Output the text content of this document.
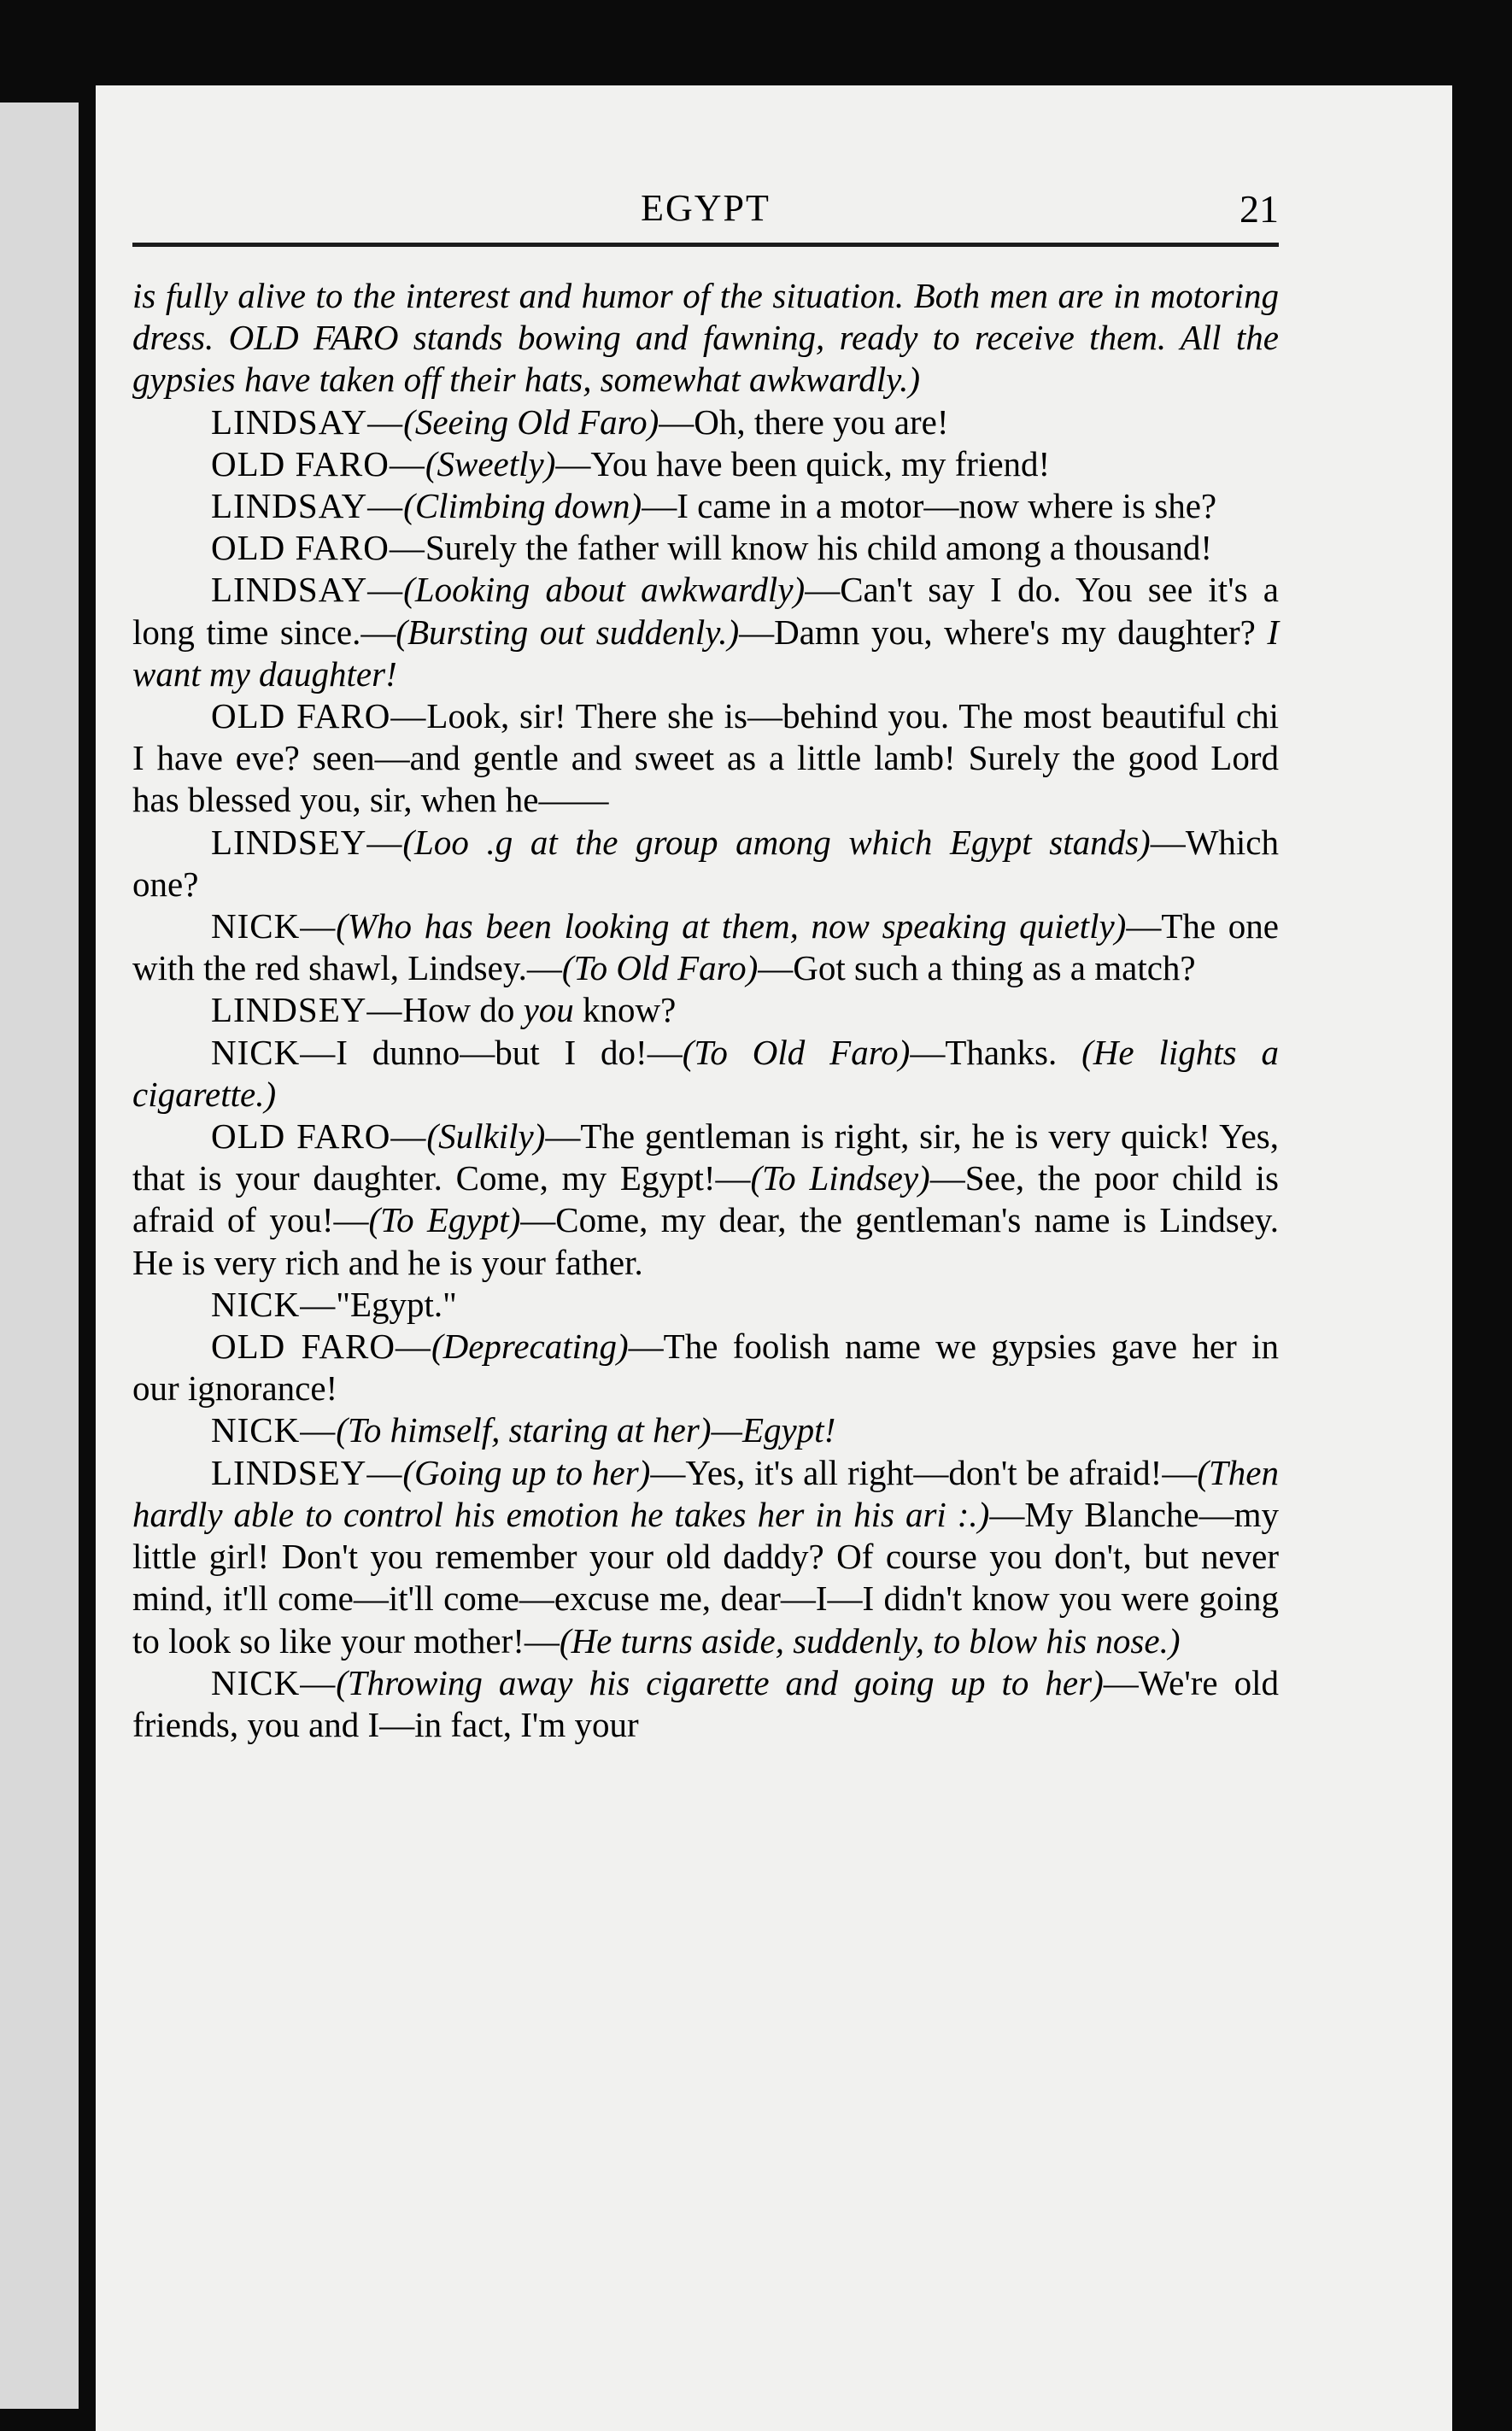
EGYPT	21

is fully alive to the interest and humor of the situation. Both men are in motoring dress. OLD FARO stands bowing and fawning, ready to receive them. All the gypsies have taken off their hats, somewhat awkwardly.)

LINDSAY—(Seeing Old Faro)—Oh, there you are!

OLD FARO—(Sweetly)—You have been quick, my friend!

LINDSAY—(Climbing down)—I came in a motor—now where is she?

OLD FARO—Surely the father will know his child among a thousand!

LINDSAY—(Looking about awkwardly)—Can't say I do. You see it's a long time since.—(Bursting out suddenly.)—Damn you, where's my daughter? I want my daughter!

OLD FARO—Look, sir! There she is—behind you. The most beautiful chi I have eve? seen—and gentle and sweet as a little lamb! Surely the good Lord has blessed you, sir, when he——

LINDSEY—(Loo .g at the group among which Egypt stands)—Which one?

NICK—(Who has been looking at them, now speaking quietly)—The one with the red shawl, Lindsey.—(To Old Faro)—Got such a thing as a match?

LINDSEY—How do you know?

NICK—I dunno—but I do!—(To Old Faro)—Thanks. (He lights a cigarette.)

OLD FARO—(Sulkily)—The gentleman is right, sir, he is very quick! Yes, that is your daughter. Come, my Egypt!—(To Lindsey)—See, the poor child is afraid of you!—(To Egypt)—Come, my dear, the gentleman's name is Lindsey. He is very rich and he is your father.

NICK—"Egypt."

OLD FARO—(Deprecating)—The foolish name we gypsies gave her in our ignorance!

NICK—(To himself, staring at her)—Egypt!

LINDSEY—(Going up to her)—Yes, it's all right—don't be afraid!—(Then hardly able to control his emotion he takes her in his ari :.)—My Blanche—my little girl! Don't you remember your old daddy? Of course you don't, but never mind, it'll come—it'll come—excuse me, dear—I—I didn't know you were going to look so like your mother!—(He turns aside, suddenly, to blow his nose.)

NICK—(Throwing away his cigarette and going up to her)—We're old friends, you and I—in fact, I'm your
